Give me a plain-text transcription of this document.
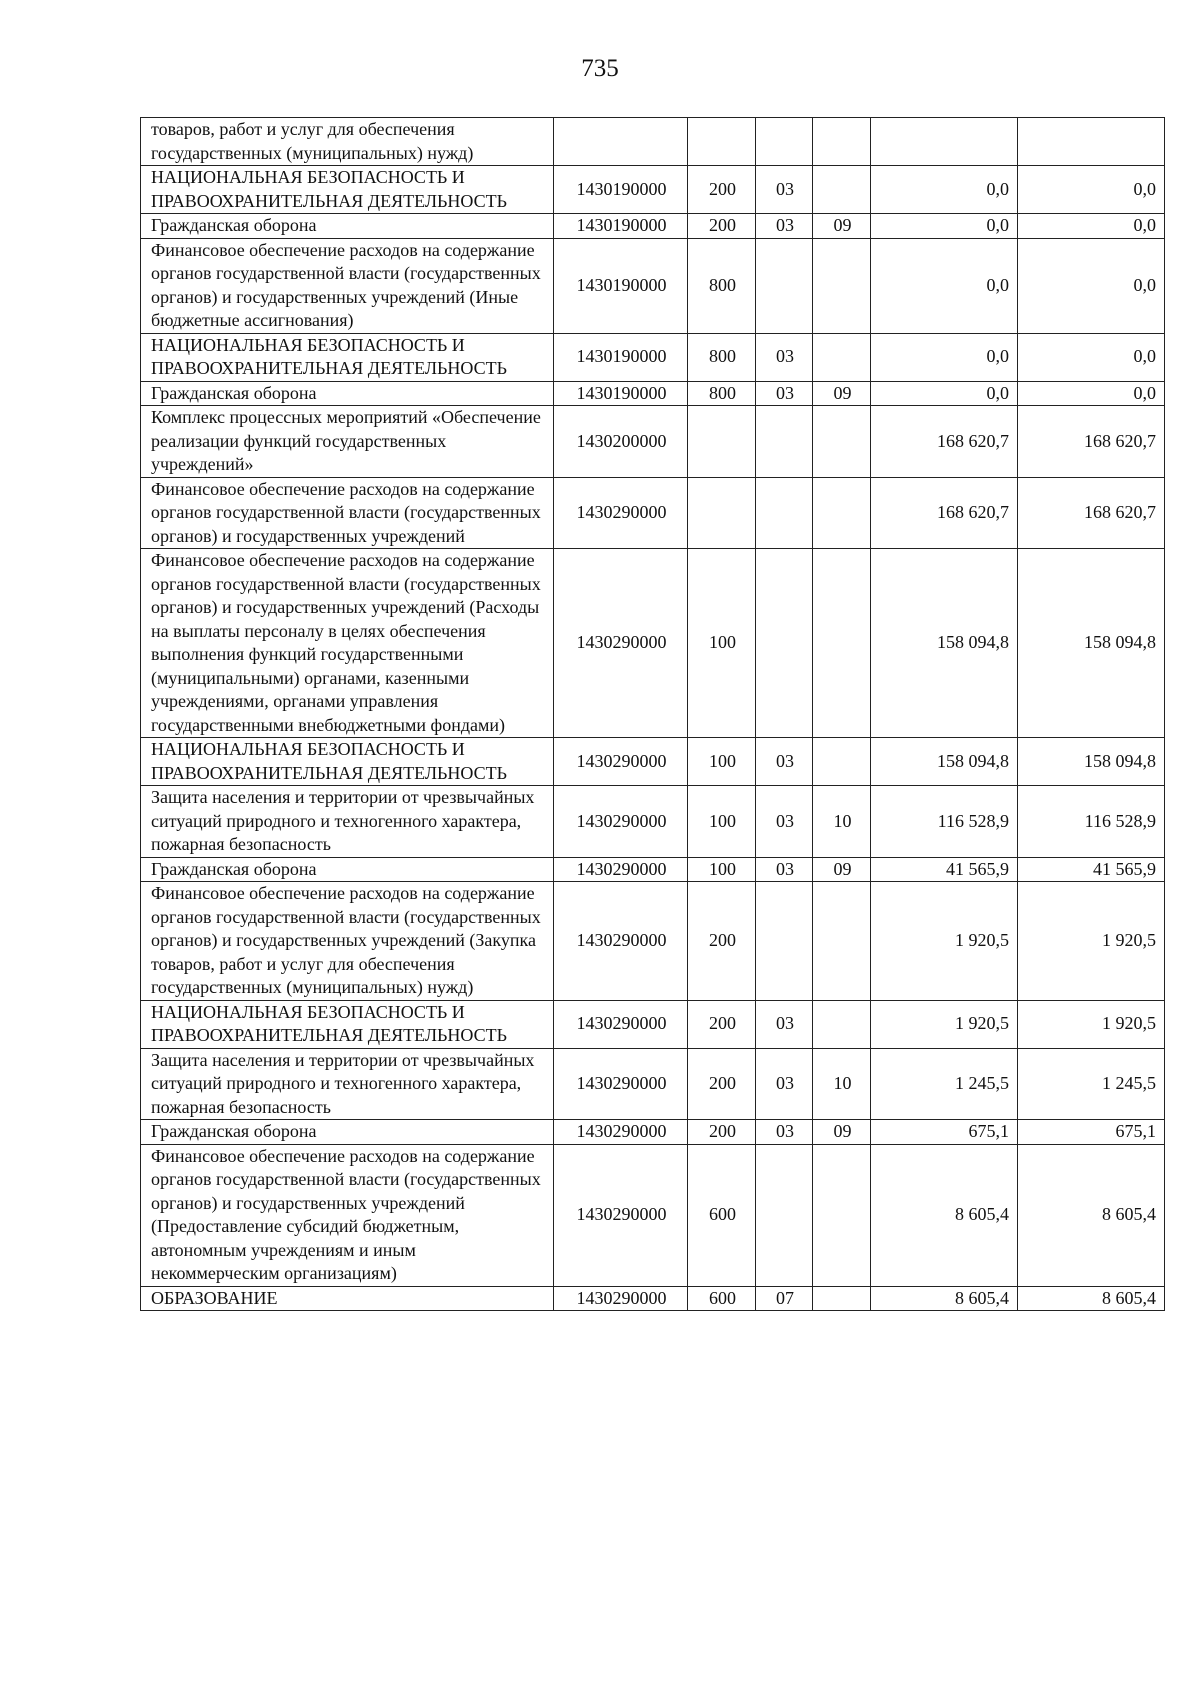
735
товаров, работ и услуг для обеспечения государственных (муниципальных) нужд)						
НАЦИОНАЛЬНАЯ БЕЗОПАСНОСТЬ И ПРАВООХРАНИТЕЛЬНАЯ ДЕЯТЕЛЬНОСТЬ	1430190000	200	03		0,0	0,0
Гражданская оборона	1430190000	200	03	09	0,0	0,0
Финансовое обеспечение расходов на содержание органов государственной власти (государственных органов) и государственных учреждений (Иные бюджетные ассигнования)	1430190000	800			0,0	0,0
НАЦИОНАЛЬНАЯ БЕЗОПАСНОСТЬ И ПРАВООХРАНИТЕЛЬНАЯ ДЕЯТЕЛЬНОСТЬ	1430190000	800	03		0,0	0,0
Гражданская оборона	1430190000	800	03	09	0,0	0,0
Комплекс процессных мероприятий «Обеспечение реализации функций государственных учреждений»	1430200000				168 620,7	168 620,7
Финансовое обеспечение расходов на содержание органов государственной власти (государственных органов) и государственных учреждений	1430290000				168 620,7	168 620,7
Финансовое обеспечение расходов на содержание органов государственной власти (государственных органов) и государственных учреждений (Расходы на выплаты персоналу в целях обеспечения выполнения функций государственными (муниципальными) органами, казенными учреждениями, органами управления государственными внебюджетными фондами)	1430290000	100			158 094,8	158 094,8
НАЦИОНАЛЬНАЯ БЕЗОПАСНОСТЬ И ПРАВООХРАНИТЕЛЬНАЯ ДЕЯТЕЛЬНОСТЬ	1430290000	100	03		158 094,8	158 094,8
Защита населения и территории от чрезвычайных ситуаций природного и техногенного характера, пожарная безопасность	1430290000	100	03	10	116 528,9	116 528,9
Гражданская оборона	1430290000	100	03	09	41 565,9	41 565,9
Финансовое обеспечение расходов на содержание органов государственной власти (государственных органов) и государственных учреждений (Закупка товаров, работ и услуг для обеспечения государственных (муниципальных) нужд)	1430290000	200			1 920,5	1 920,5
НАЦИОНАЛЬНАЯ БЕЗОПАСНОСТЬ И ПРАВООХРАНИТЕЛЬНАЯ ДЕЯТЕЛЬНОСТЬ	1430290000	200	03		1 920,5	1 920,5
Защита населения и территории от чрезвычайных ситуаций природного и техногенного характера, пожарная безопасность	1430290000	200	03	10	1 245,5	1 245,5
Гражданская оборона	1430290000	200	03	09	675,1	675,1
Финансовое обеспечение расходов на содержание органов государственной власти (государственных органов) и государственных учреждений (Предоставление субсидий бюджетным, автономным учреждениям и иным некоммерческим организациям)	1430290000	600			8 605,4	8 605,4
ОБРАЗОВАНИЕ	1430290000	600	07		8 605,4	8 605,4
